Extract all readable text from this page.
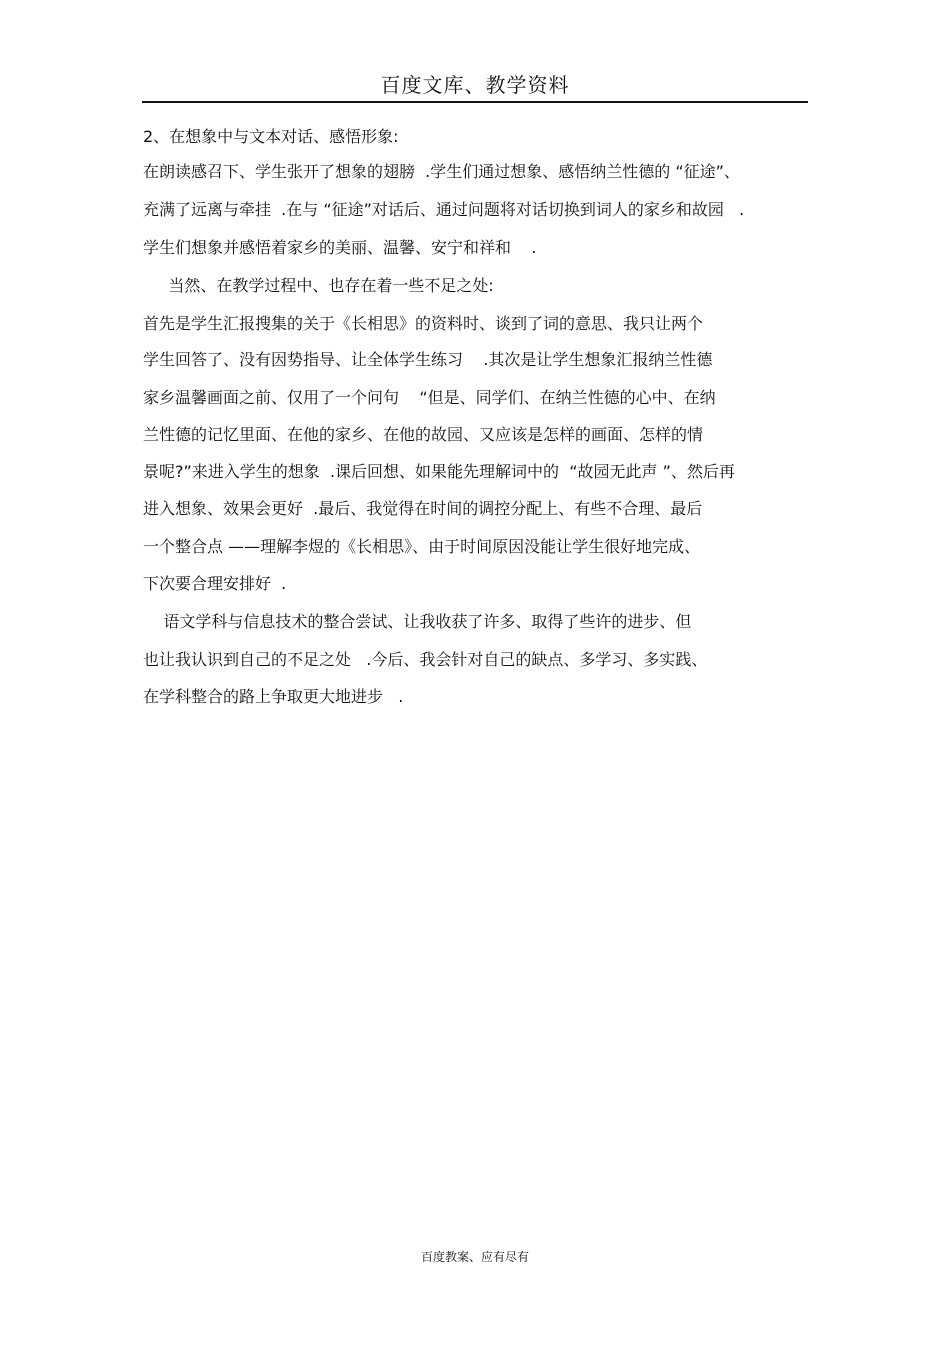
百度文库、教学资料
2、在想象中与文本对话、感悟形象:
在朗读感召下、学生张开了想象的翅膀  .学生们通过想象、感悟纳兰性德的 “征途”、
充满了远离与牵挂  .在与 “征途”对话后、通过问题将对话切换到词人的家乡和故园   .
学生们想象并感悟着家乡的美丽、温馨、安宁和祥和    .
当然、在教学过程中、也存在着一些不足之处:
首先是学生汇报搜集的关于《长相思》的资料时、谈到了词的意思、我只让两个
学生回答了、没有因势指导、让全体学生练习    .其次是让学生想象汇报纳兰性德
家乡温馨画面之前、仅用了一个问句    “但是、同学们、在纳兰性德的心中、在纳
兰性德的记忆里面、在他的家乡、在他的故园、又应该是怎样的画面、怎样的情
景呢?”来进入学生的想象  .课后回想、如果能先理解词中的  “故园无此声 ”、然后再
进入想象、效果会更好  .最后、我觉得在时间的调控分配上、有些不合理、最后
一个整合点 ——理解李煜的《长相思》、由于时间原因没能让学生很好地完成、
下次要合理安排好  .
语文学科与信息技术的整合尝试、让我收获了许多、取得了些许的进步、但
也让我认识到自己的不足之处   .今后、我会针对自己的缺点、多学习、多实践、
在学科整合的路上争取更大地进步   .
百度教案、应有尽有
